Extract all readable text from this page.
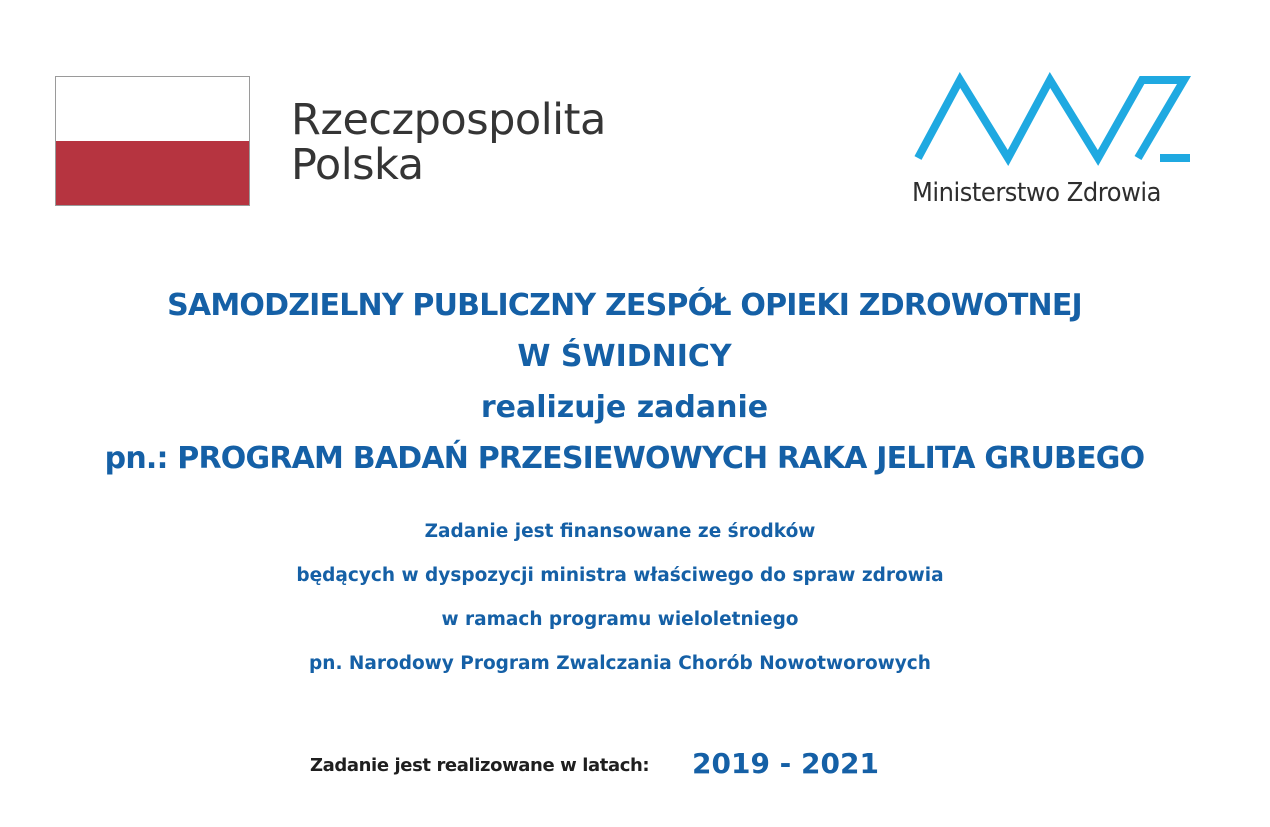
Rzeczpospolita
Polska
Ministerstwo Zdrowia
SAMODZIELNY PUBLICZNY ZESPÓŁ OPIEKI ZDROWOTNEJ
W ŚWIDNICY
realizuje zadanie
pn.: PROGRAM BADAŃ PRZESIEWOWYCH RAKA JELITA GRUBEGO
Zadanie jest finansowane ze środków
będących w dyspozycji ministra właściwego do spraw zdrowia
w ramach programu wieloletniego
pn. Narodowy Program Zwalczania Chorób Nowotworowych
Zadanie jest realizowane w latach: 2019 - 2021
